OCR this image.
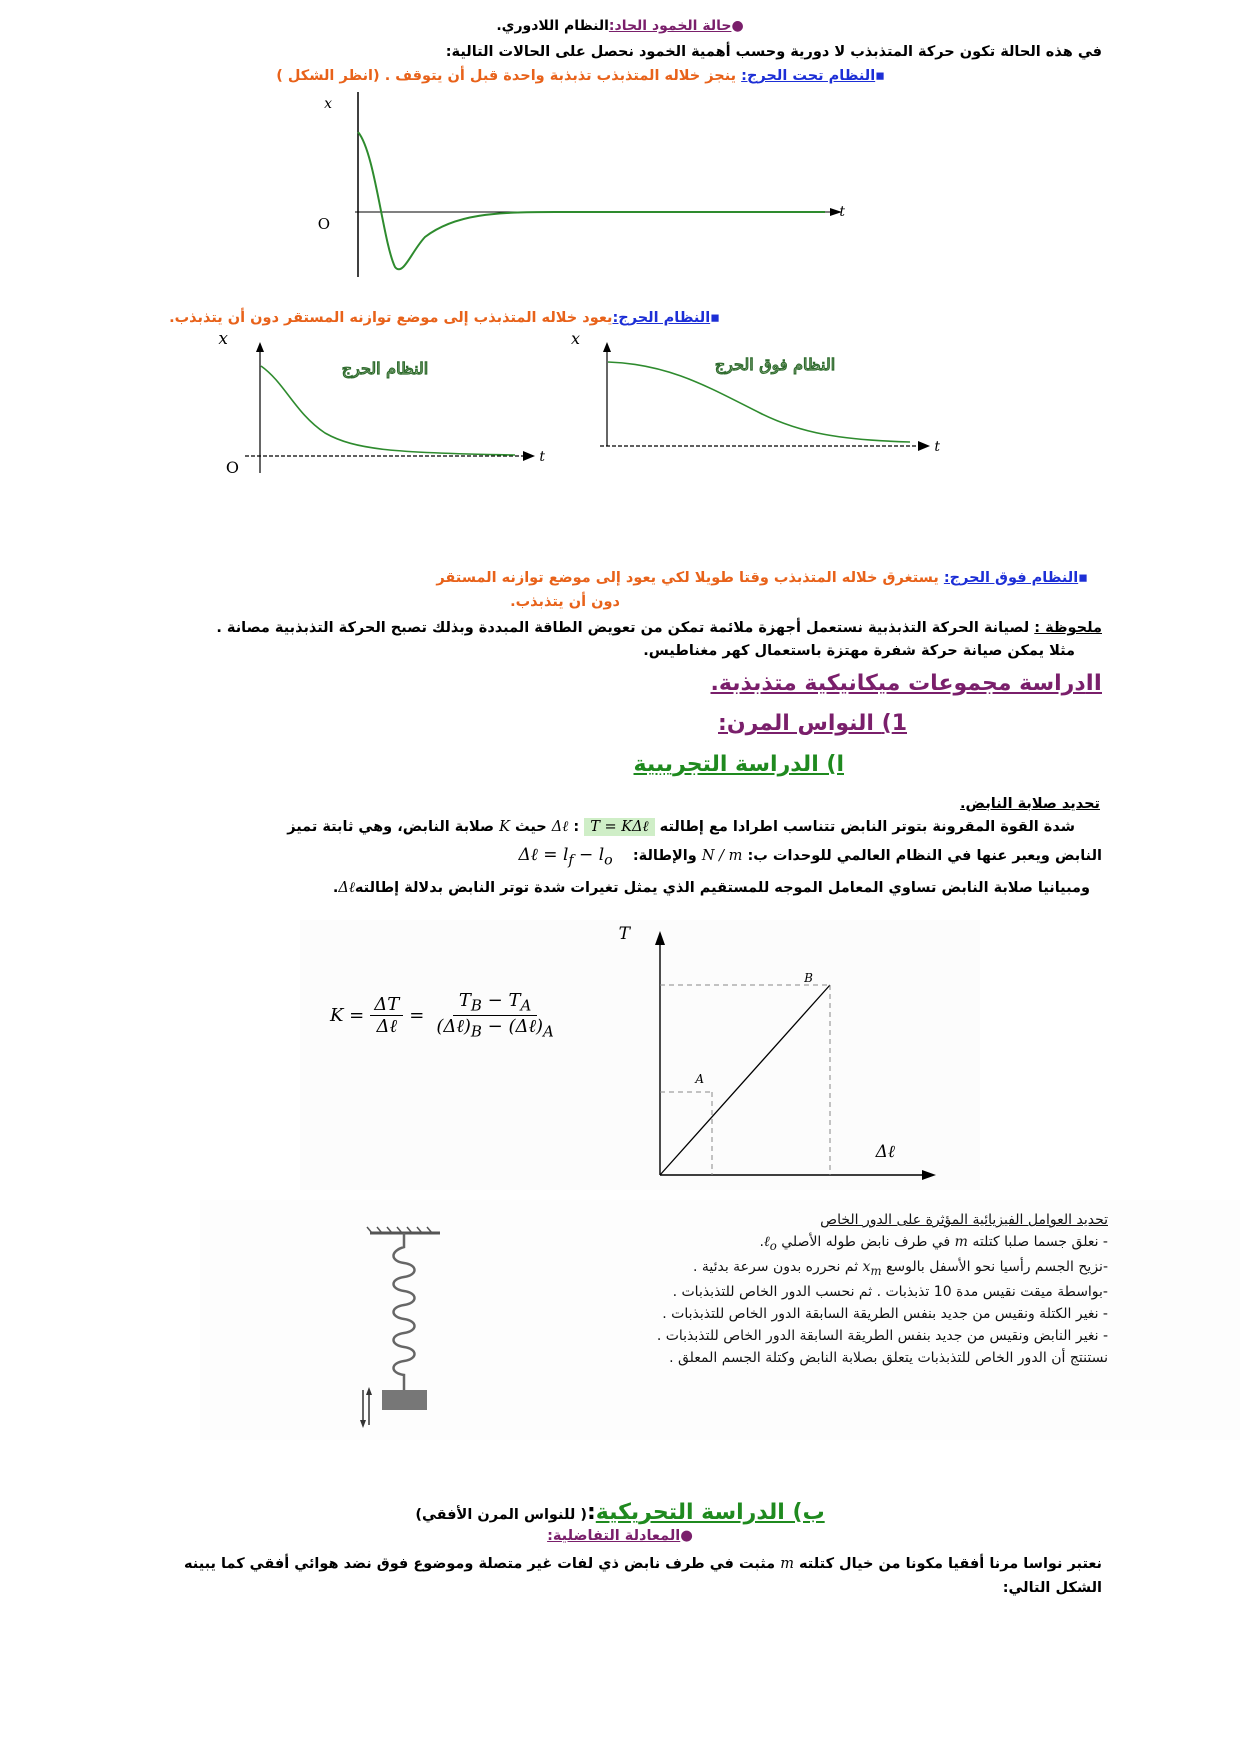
●حالة الخمود الحاد:النظام اللادوري.
في هذه الحالة تكون حركة المتذبذب لا دورية وحسب أهمية الخمود نحصل على الحالات التالية:
▪النظام تحت الحرج: ينجز خلاله المتذبذب تذبذبة واحدة قبل أن يتوقف . (انظر الشكل )
x
t
O
▪النظام الحرج:يعود خلاله المتذبذب إلى موضع توازنه المستقر دون أن يتذبذب.
x
t
O
النظام الحرج
x
t
النظام فوق الحرج
▪النظام فوق الحرج: يستغرق خلاله المتذبذب وقتا طويلا لكي يعود إلى موضع توازنه المستقر
دون أن يتذبذب.
ملحوظة : لصيانة الحركة التذبذبية نستعمل أجهزة ملائمة تمكن من تعويض الطاقة المبددة وبذلك تصبح الحركة التذبذبية مصانة .
مثلا يمكن صيانة حركة شفرة مهتزة باستعمال كهر مغناطيس.
IIدراسة مجموعات ميكانيكية متذبذبة.
1) النواس المرن:
ا) الدراسة التجريبية
تحديد صلابة النابض.
شدة القوة المقرونة بتوتر النابض تتناسب اطرادا مع إطالته Δℓ : T = KΔℓ حيث K صلابة النابض، وهي ثابتة تميز
النابض ويعبر عنها في النظام العالمي للوحدات ب: N / m والإطالة:    Δℓ = $l_f - l_o$
ومبيانيا صلابة النابض تساوي المعامل الموجه للمستقيم الذي يمثل تغيرات شدة توتر النابض بدلالة إطالتهΔℓ.
K =
ΔT
Δℓ
=
$T_B - T_A$
$(\Delta\ell)_B$ − $(\Delta\ell)_A$
T
Δℓ
A
B
تحديد العوامل الفيزيائية المؤثرة على الدور الخاص
- نعلق جسما صلبا كتلته m في طرف نابض طوله الأصلي ℓ$_o$.
-نزيح الجسم رأسيا نحو الأسفل بالوسع $x_m$ ثم نحرره بدون سرعة بدئية .
-بواسطة ميقت نقيس مدة 10 تذبذبات . ثم نحسب الدور الخاص للتذبذبات .
- نغير الكتلة ونقيس من جديد بنفس الطريقة السابقة الدور الخاص للتذبذبات .
- نغير النابض ونقيس من جديد بنفس الطريقة السابقة الدور الخاص للتذبذبات .
نستنتج أن الدور الخاص للتذبذبات يتعلق بصلابة النابض وكتلة الجسم المعلق .
ب) الدراسة التحريكية:( للنواس المرن الأفقي)
●المعادلة التفاضلية:
نعتبر نواسا مرنا أفقيا مكونا من خيال كتلته m مثبت في طرف نابض ذي لفات غير متصلة وموضوع فوق نضد هوائي أفقي كما يبينه
الشكل التالي:
